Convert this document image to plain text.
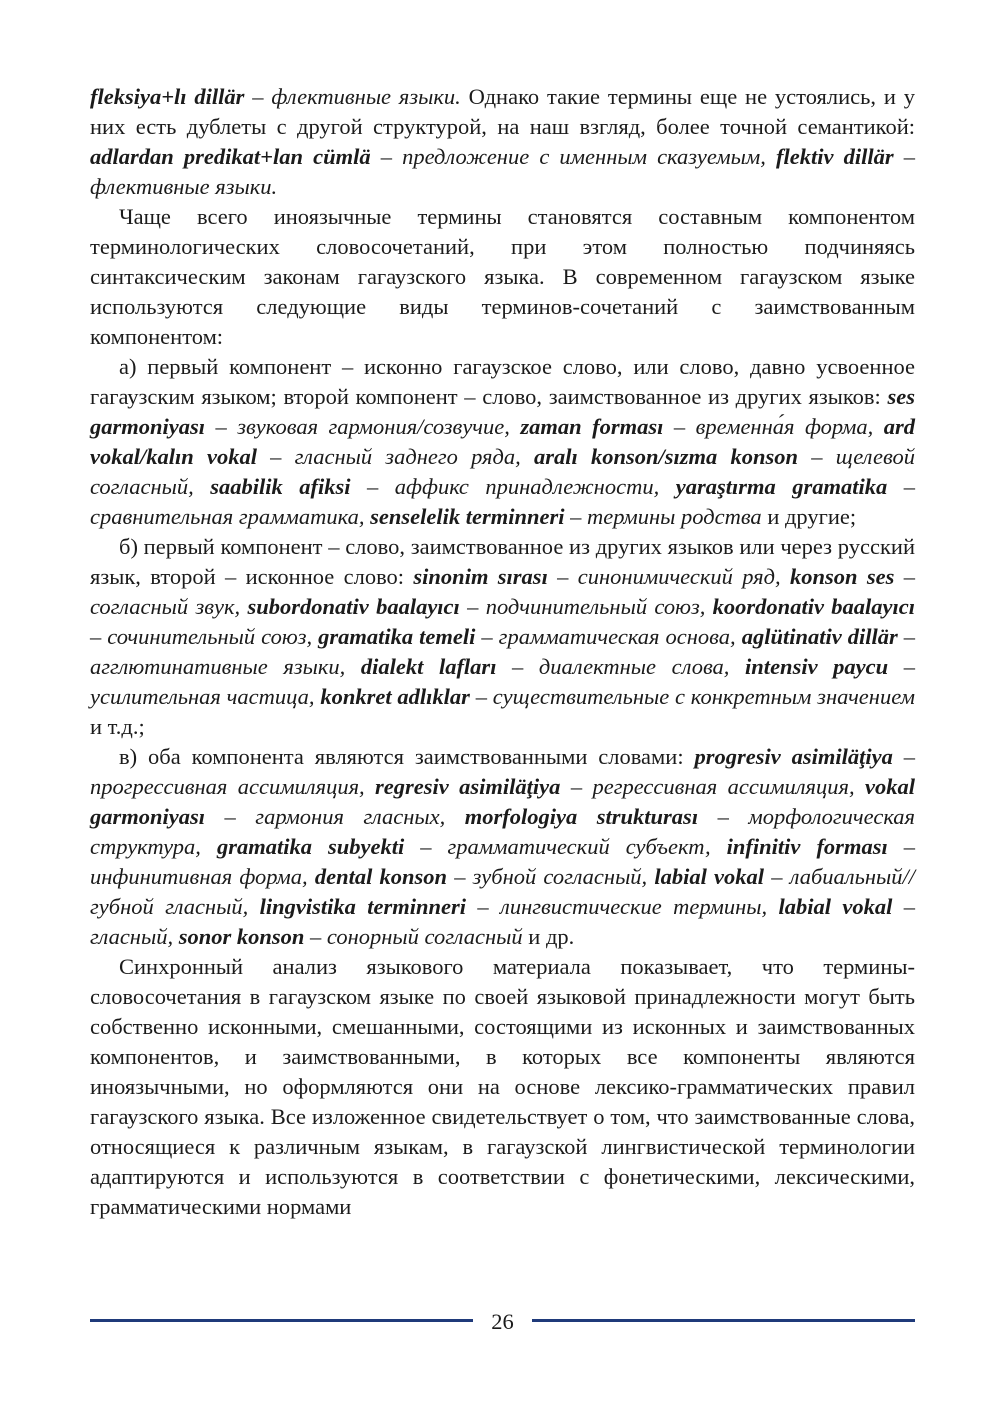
fleksiya+lı dillär – флективные языки. Однако такие термины еще не устоялись, и у них есть дублеты с другой структурой, на наш взгляд, более точной семантикой: adlardan predikat+lan cümlä – предложение с именным сказуемым, flektiv dillär – флективные языки.

Чаще всего иноязычные термины становятся составным компонентом терминологических словосочетаний, при этом полностью подчиняясь синтаксическим законам гагаузского языка. В современном гагаузском языке используются следующие виды терминов-сочетаний с заимствованным компонентом:

а) первый компонент – исконно гагаузское слово, или слово, давно усвоенное гагаузским языком; второй компонент – слово, заимствованное из других языков: ses garmoniyası – звуковая гармония/созвучие, zaman forması – временна́я форма, ard vokal/kalın vokal – гласный заднего ряда, aralı konson/sızma konson – щелевой согласный, saabilik afiksi – аффикс принадлежности, yaraştırma gramatika – сравнительная грамматика, senselelik terminneri – термины родства и другие;

б) первый компонент – слово, заимствованное из других языков или через русский язык, второй – исконное слово: sinonim sırası – синонимический ряд, konson ses – согласный звук, subordonativ baalayıcı – подчинительный союз, koordonativ baalayıcı – сочинительный союз, gramatika temeli – грамматическая основа, aglütinativ dillär – агглютинативные языки, dialekt lafları – диалектные слова, intensiv paycu – усилительная частица, konkret adlıklar – существительные с конкретным значением и т.д.;

в) оба компонента являются заимствованными словами: progresiv asimiläţiya – прогрессивная ассимиляция, regresiv asimiläţiya – регрессивная ассимиляция, vokal garmoniyası – гармония гласных, morfologiya strukturası – морфологическая структура, gramatika subyekti – грамматический субъект, infinitiv forması – инфинитивная форма, dental konson – зубной согласный, labial vokal – лабиальный//губной гласный, lingvistika terminneri – лингвистические термины, labial vokal – гласный, sonor konson – сонорный согласный и др.

Синхронный анализ языкового материала показывает, что термины-словосочетания в гагаузском языке по своей языковой принадлежности могут быть собственно исконными, смешанными, состоящими из исконных и заимствованных компонентов, и заимствованными, в которых все компоненты являются иноязычными, но оформляются они на основе лексико-грамматических правил гагаузского языка. Все изложенное свидетельствует о том, что заимствованные слова, относящиеся к различным языкам, в гагаузской лингвистической терминологии адаптируются и используются в соответствии с фонетическими, лексическими, грамматическими нормами

26
